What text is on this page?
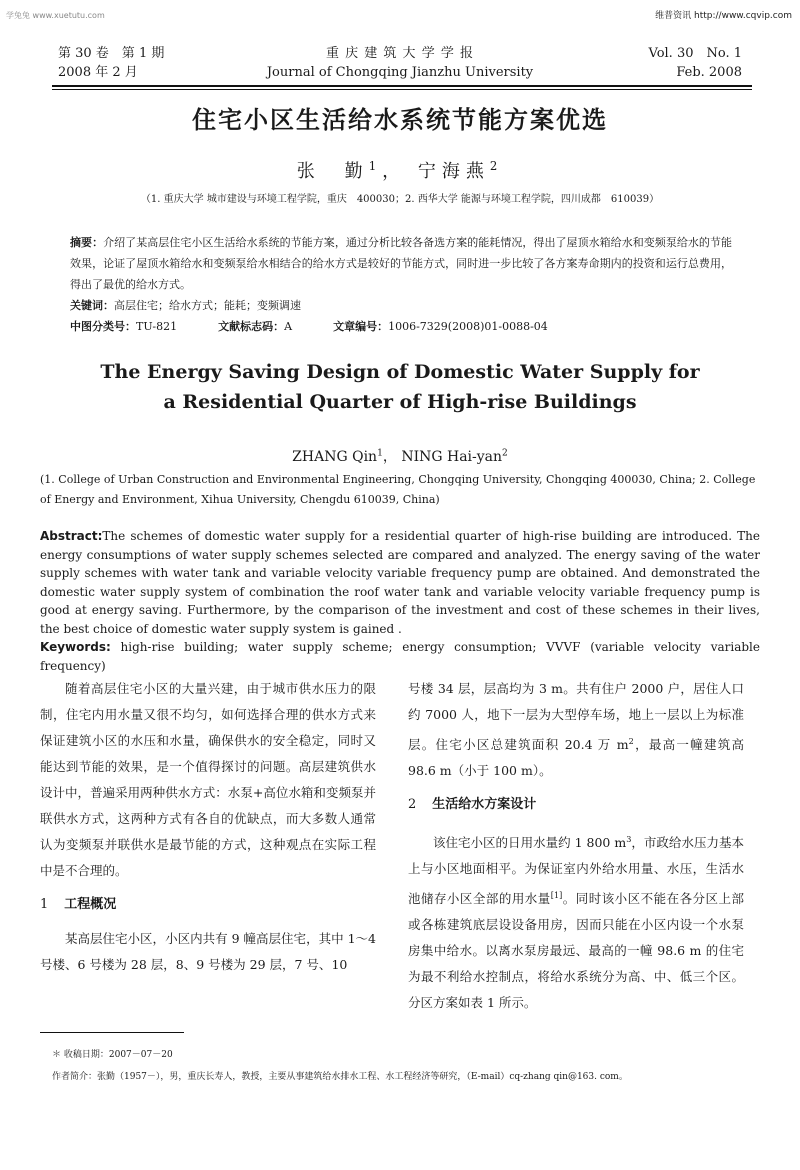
学兔兔 www.xuetutu.com	维普资讯 http://www.cqvip.com
第 30 卷　第 1 期
2008 年 2 月
重 庆 建 筑 大 学 学 报
Journal of Chongqing Jianzhu University
Vol. 30　No. 1
Feb. 2008
住宅小区生活给水系统节能方案优选
张　勤$^1$， 宁海燕$^2$
（1. 重庆大学 城市建设与环境工程学院，重庆　400030；2. 西华大学 能源与环境工程学院，四川成都　610039）
摘要：介绍了某高层住宅小区生活给水系统的节能方案，通过分析比较各备选方案的能耗情况，得出了屋顶水箱给水和变频泵给水的节能效果，论证了屋顶水箱给水和变频泵给水相结合的给水方式是较好的节能方式，同时进一步比较了各方案寿命期内的投资和运行总费用，得出了最优的给水方式。
关键词：高层住宅；给水方式；能耗；变频调速
中图分类号：TU-821	文献标志码：A	文章编号：1006-7329(2008)01-0088-04
The Energy Saving Design of Domestic Water Supply for
a Residential Quarter of High-rise Buildings
ZHANG Qin$^1$， NING Hai-yan$^2$
(1. College of Urban Construction and Environmental Engineering, Chongqing University, Chongqing 400030, China; 2. College of Energy and Environment, Xihua University, Chengdu 610039, China)
Abstract:The schemes of domestic water supply for a residential quarter of high-rise building are introduced. The energy consumptions of water supply schemes selected are compared and analyzed. The energy saving of the water supply schemes with water tank and variable velocity variable frequency pump are obtained. And demonstrated the domestic water supply system of combination the roof water tank and variable velocity variable frequency pump is good at energy saving. Furthermore, by the comparison of the investment and cost of these schemes in their lives, the best choice of domestic water supply system is gained .
Keywords: high-rise building; water supply scheme; energy consumption; VVVF (variable velocity variable frequency)

随着高层住宅小区的大量兴建，由于城市供水压力的限制，住宅内用水量又很不均匀，如何选择合理的供水方式来保证建筑小区的水压和水量，确保供水的安全稳定，同时又能达到节能的效果，是一个值得探讨的问题。高层建筑供水设计中，普遍采用两种供水方式：水泵+高位水箱和变频泵并联供水方式，这两种方式有各自的优缺点，而大多数人通常认为变频泵并联供水是最节能的方式，这种观点在实际工程中是不合理的。

1 工程概况

某高层住宅小区，小区内共有 9 幢高层住宅，其中 1～4 号楼、6 号楼为 28 层，8、9 号楼为 29 层，7 号、10

号楼 34 层，层高均为 3 m。共有住户 2000 户，居住人口约 7000 人，地下一层为大型停车场，地上一层以上为标准层。住宅小区总建筑面积 20.4 万 $m^2$，最高一幢建筑高 98.6 m（小于 100 m）。

2 生活给水方案设计

该住宅小区的日用水量约 1 800 $m^3$，市政给水压力基本上与小区地面相平。为保证室内外给水用量、水压，生活水池储存小区全部的用水量[1]。同时该小区不能在各分区上部或各栋建筑底层设设备用房，因而只能在小区内设一个水泵房集中给水。以离水泵房最远、最高的一幢 98.6 m 的住宅为最不利给水控制点，将给水系统分为高、中、低三个区。分区方案如表 1 所示。

＊ 收稿日期：2007－07－20
作者简介：张勤（1957－），男，重庆长寿人，教授，主要从事建筑给水排水工程、水工程经济等研究，（E-mail）cq-zhang qin@163. com。
